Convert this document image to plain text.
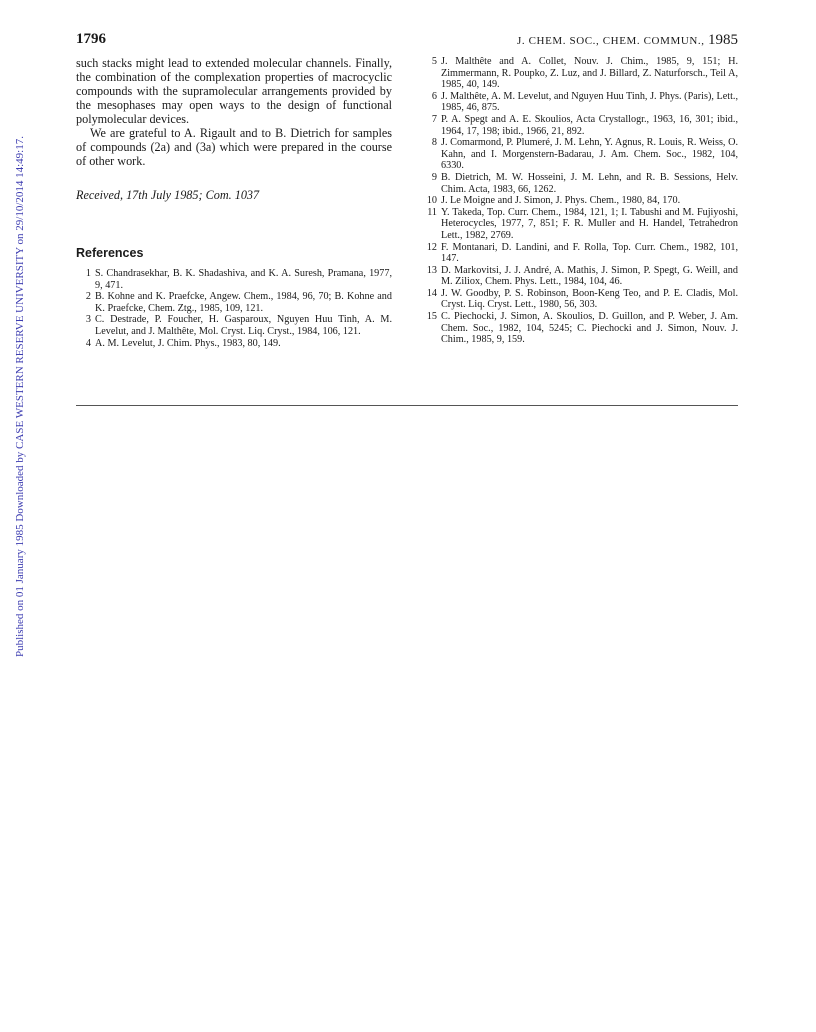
1796	J. CHEM. SOC., CHEM. COMMUN., 1985
Published on 01 January 1985 Downloaded by CASE WESTERN RESERVE UNIVERSITY on 29/10/2014 14:49:17.

such stacks might lead to extended molecular channels. Finally, the combination of the complexation properties of macrocyclic compounds with the supramolecular arrangements provided by the mesophases may open ways to the design of functional polymolecular devices.

We are grateful to A. Rigault and to B. Dietrich for samples of compounds (2a) and (3a) which were prepared in the course of other work.

Received, 17th July 1985; Com. 1037

References
1 S. Chandrasekhar, B. K. Shadashiva, and K. A. Suresh, Pramana, 1977, 9, 471.
2 B. Kohne and K. Praefcke, Angew. Chem., 1984, 96, 70; B. Kohne and K. Praefcke, Chem. Ztg., 1985, 109, 121.
3 C. Destrade, P. Foucher, H. Gasparoux, Nguyen Huu Tinh, A. M. Levelut, and J. Malthête, Mol. Cryst. Liq. Cryst., 1984, 106, 121.
4 A. M. Levelut, J. Chim. Phys., 1983, 80, 149.
5 J. Malthête and A. Collet, Nouv. J. Chim., 1985, 9, 151; H. Zimmermann, R. Poupko, Z. Luz, and J. Billard, Z. Naturforsch., Teil A, 1985, 40, 149.
6 J. Malthête, A. M. Levelut, and Nguyen Huu Tinh, J. Phys. (Paris), Lett., 1985, 46, 875.
7 P. A. Spegt and A. E. Skoulios, Acta Crystallogr., 1963, 16, 301; ibid., 1964, 17, 198; ibid., 1966, 21, 892.
8 J. Comarmond, P. Plumeré, J. M. Lehn, Y. Agnus, R. Louis, R. Weiss, O. Kahn, and I. Morgenstern-Badarau, J. Am. Chem. Soc., 1982, 104, 6330.
9 B. Dietrich, M. W. Hosseini, J. M. Lehn, and R. B. Sessions, Helv. Chim. Acta, 1983, 66, 1262.
10 J. Le Moigne and J. Simon, J. Phys. Chem., 1980, 84, 170.
11 Y. Takeda, Top. Curr. Chem., 1984, 121, 1; I. Tabushi and M. Fujiyoshi, Heterocycles, 1977, 7, 851; F. R. Muller and H. Handel, Tetrahedron Lett., 1982, 2769.
12 F. Montanari, D. Landini, and F. Rolla, Top. Curr. Chem., 1982, 101, 147.
13 D. Markovitsi, J. J. André, A. Mathis, J. Simon, P. Spegt, G. Weill, and M. Ziliox, Chem. Phys. Lett., 1984, 104, 46.
14 J. W. Goodby, P. S. Robinson, Boon-Keng Teo, and P. E. Cladis, Mol. Cryst. Liq. Cryst. Lett., 1980, 56, 303.
15 C. Piechocki, J. Simon, A. Skoulios, D. Guillon, and P. Weber, J. Am. Chem. Soc., 1982, 104, 5245; C. Piechocki and J. Simon, Nouv. J. Chim., 1985, 9, 159.
